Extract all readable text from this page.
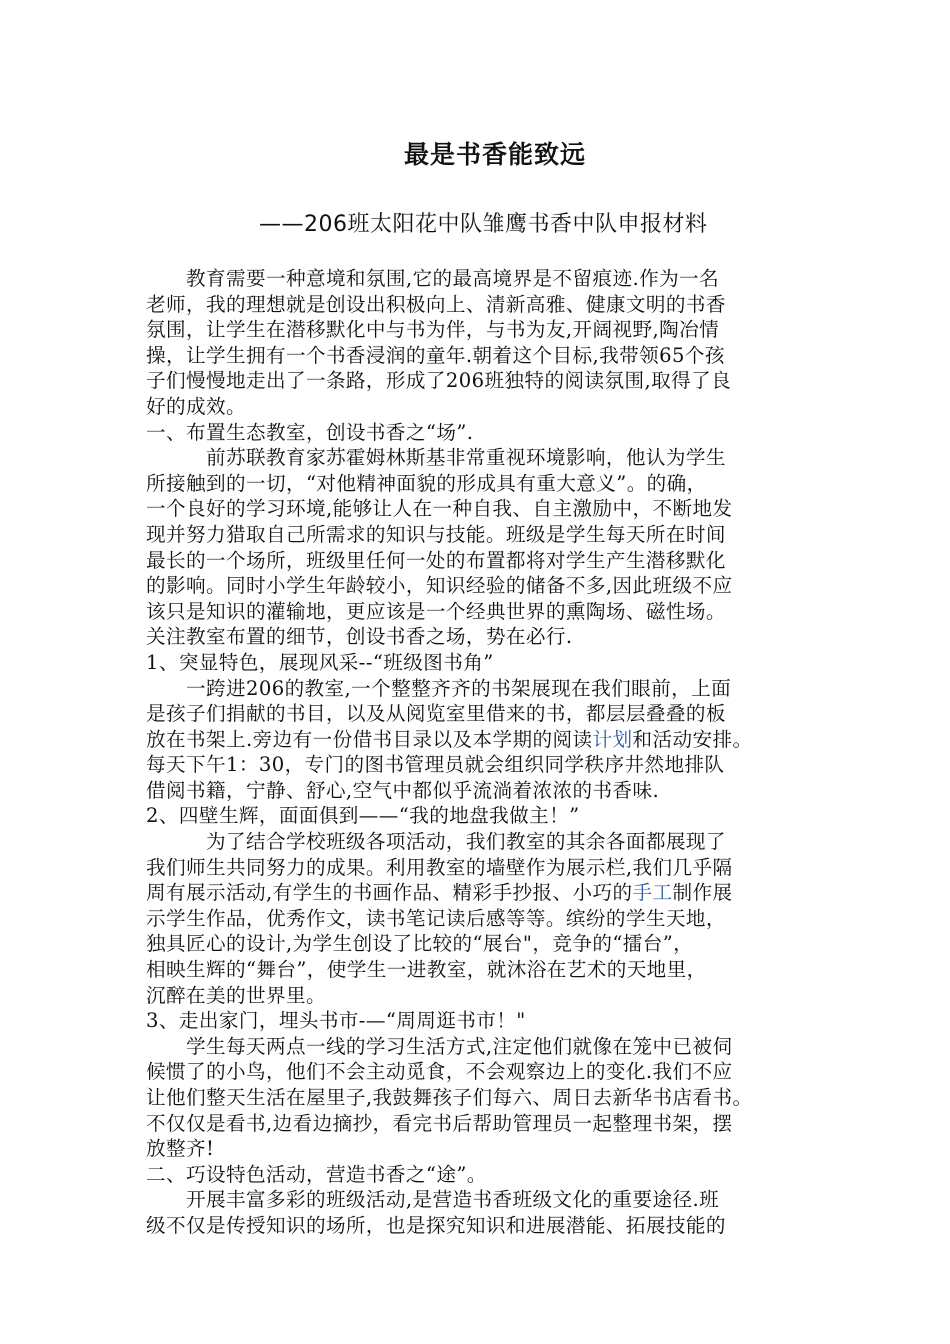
最是书香能致远
——206班太阳花中队雏鹰书香中队申报材料
　　教育需要一种意境和氛围,它的最高境界是不留痕迹.作为一名
老师，我的理想就是创设出积极向上、清新高雅、健康文明的书香
氛围，让学生在潜移默化中与书为伴，与书为友,开阔视野,陶冶情
操，让学生拥有一个书香浸润的童年.朝着这个目标,我带领65个孩
子们慢慢地走出了一条路，形成了206班独特的阅读氛围,取得了良
好的成效。
一、布置生态教室，创设书香之“场”.
　　　前苏联教育家苏霍姆林斯基非常重视环境影响，他认为学生
所接触到的一切，“对他精神面貌的形成具有重大意义”。的确，
一个良好的学习环境,能够让人在一种自我、自主激励中，不断地发
现并努力猎取自己所需求的知识与技能。班级是学生每天所在时间
最长的一个场所，班级里任何一处的布置都将对学生产生潜移默化
的影响。同时小学生年龄较小，知识经验的储备不多,因此班级不应
该只是知识的灌输地，更应该是一个经典世界的熏陶场、磁性场。
关注教室布置的细节，创设书香之场，势在必行.
1、突显特色，展现风采--“班级图书角”
　　一跨进206的教室,一个整整齐齐的书架展现在我们眼前，上面
是孩子们捐献的书目，以及从阅览室里借来的书，都层层叠叠的板
放在书架上.旁边有一份借书目录以及本学期的阅读计划和活动安排。
每天下午1：30，专门的图书管理员就会组织同学秩序井然地排队
借阅书籍，宁静、舒心,空气中都似乎流淌着浓浓的书香味.
2、四壁生辉，面面俱到——“我的地盘我做主！”
　　　为了结合学校班级各项活动，我们教室的其余各面都展现了
我们师生共同努力的成果。利用教室的墙壁作为展示栏,我们几乎隔
周有展示活动,有学生的书画作品、精彩手抄报、小巧的手工制作展
示学生作品，优秀作文，读书笔记读后感等等。缤纷的学生天地，
独具匠心的设计,为学生创设了比较的“展台"，竞争的“擂台”，
相映生辉的“舞台”，使学生一进教室，就沐浴在艺术的天地里，
沉醉在美的世界里。
3、走出家门，埋头书市-—“周周逛书市！"
　　学生每天两点一线的学习生活方式,注定他们就像在笼中已被伺
候惯了的小鸟，他们不会主动觅食，不会观察边上的变化.我们不应
让他们整天生活在屋里子,我鼓舞孩子们每六、周日去新华书店看书。
不仅仅是看书,边看边摘抄，看完书后帮助管理员一起整理书架，摆
放整齐!
二、巧设特色活动，营造书香之“途”。
　　开展丰富多彩的班级活动,是营造书香班级文化的重要途径.班
级不仅是传授知识的场所，也是探究知识和进展潜能、拓展技能的
